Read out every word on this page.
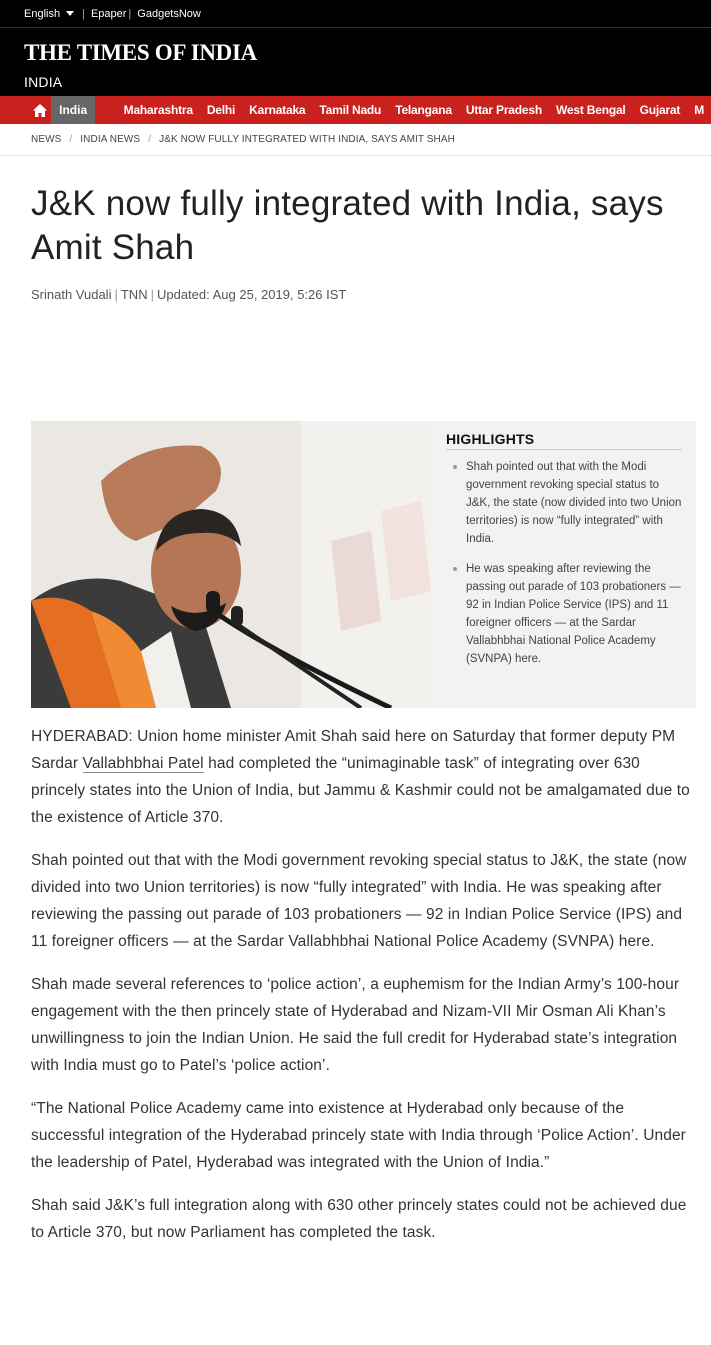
English | Epaper | GadgetsNow
THE TIMES OF INDIA
INDIA
India	Maharashtra	Delhi	Karnataka	Tamil Nadu	Telangana	Uttar Pradesh	West Bengal	Gujarat	M
NEWS / INDIA NEWS / J&K NOW FULLY INTEGRATED WITH INDIA, SAYS AMIT SHAH
J&K now fully integrated with India, says Amit Shah
Srinath Vudali | TNN | Updated: Aug 25, 2019, 5:26 IST
HIGHLIGHTS
Shah pointed out that with the Modi government revoking special status to J&K, the state (now divided into two Union territories) is now “fully integrated” with India.
He was speaking after reviewing the passing out parade of 103 probationers — 92 in Indian Police Service (IPS) and 11 foreigner officers — at the Sardar Vallabhbhai National Police Academy (SVNPA) here.

HYDERABAD: Union home minister Amit Shah said here on Saturday that former deputy PM Sardar Vallabhbhai Patel had completed the “unimaginable task” of integrating over 630 princely states into the Union of India, but Jammu & Kashmir could not be amalgamated due to the existence of Article 370.

Shah pointed out that with the Modi government revoking special status to J&K, the state (now divided into two Union territories) is now “fully integrated” with India. He was speaking after reviewing the passing out parade of 103 probationers — 92 in Indian Police Service (IPS) and 11 foreigner officers — at the Sardar Vallabhbhai National Police Academy (SVNPA) here.

Shah made several references to ‘police action’, a euphemism for the Indian Army’s 100-hour engagement with the then princely state of Hyderabad and Nizam-VII Mir Osman Ali Khan’s unwillingness to join the Indian Union. He said the full credit for Hyderabad state’s integration with India must go to Patel’s ‘police action’.

“The National Police Academy came into existence at Hyderabad only because of the successful integration of the Hyderabad princely state with India through ‘Police Action’. Under the leadership of Patel, Hyderabad was integrated with the Union of India.”

Shah said J&K’s full integration along with 630 other princely states could not be achieved due to Article 370, but now Parliament has completed the task.
